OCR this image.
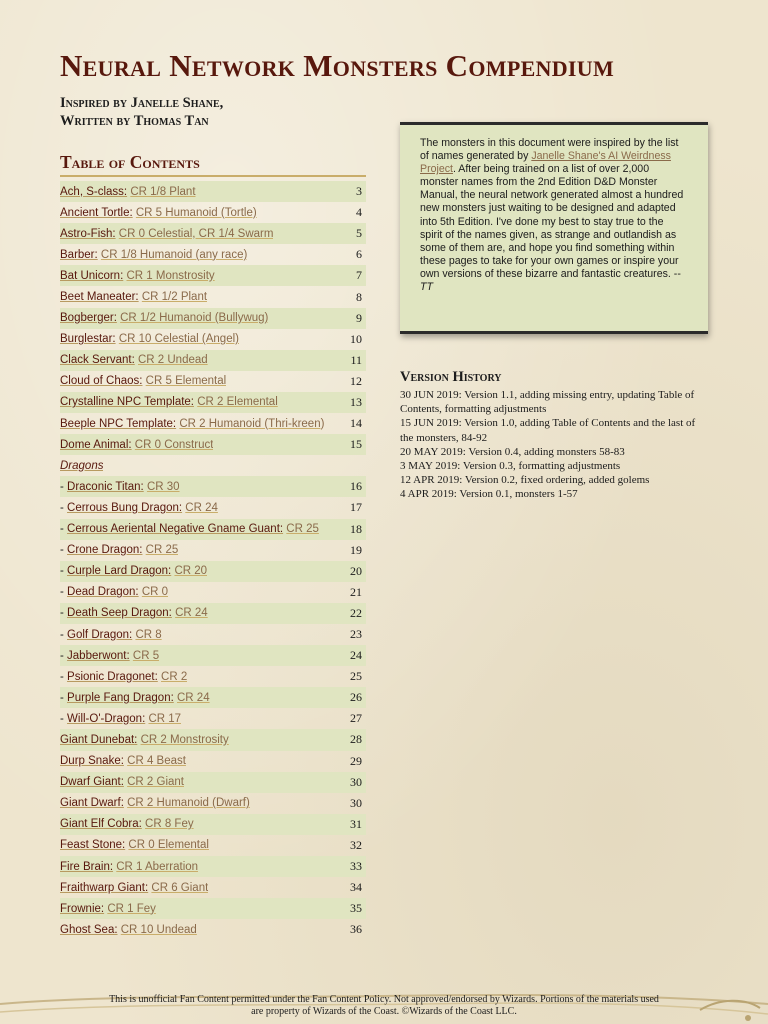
Neural Network Monsters Compendium
Inspired by Janelle Shane,
Written by Thomas Tan
Table of Contents
Ach, S-class: CR 1/8 Plant	3
Ancient Tortle: CR 5 Humanoid (Tortle)	4
Astro-Fish: CR 0 Celestial, CR 1/4 Swarm	5
Barber: CR 1/8 Humanoid (any race)	6
Bat Unicorn: CR 1 Monstrosity	7
Beet Maneater: CR 1/2 Plant	8
Bogberger: CR 1/2 Humanoid (Bullywug)	9
Burglestar: CR 10 Celestial (Angel)	10
Clack Servant: CR 2 Undead	11
Cloud of Chaos: CR 5 Elemental	12
Crystalline NPC Template: CR 2 Elemental	13
Beeple NPC Template: CR 2 Humanoid (Thri-kreen) 14
Dome Animal: CR 0 Construct	15
Dragons
- Draconic Titan: CR 30	16
- Cerrous Bung Dragon: CR 24	17
- Cerrous Aeriental Negative Gname Guant: CR 25	18
- Crone Dragon: CR 25	19
- Curple Lard Dragon: CR 20	20
- Dead Dragon: CR 0	21
- Death Seep Dragon: CR 24	22
- Golf Dragon: CR 8	23
- Jabberwont: CR 5	24
- Psionic Dragonet: CR 2	25
- Purple Fang Dragon: CR 24	26
- Will-O'-Dragon: CR 17	27
Giant Dunebat: CR 2 Monstrosity	28
Durp Snake: CR 4 Beast	29
Dwarf Giant: CR 2 Giant	30
Giant Dwarf: CR 2 Humanoid (Dwarf)	30
Giant Elf Cobra: CR 8 Fey	31
Feast Stone: CR 0 Elemental	32
Fire Brain: CR 1 Aberration	33
Fraithwarp Giant: CR 6 Giant	34
Frownie: CR 1 Fey	35
Ghost Sea: CR 10 Undead	36

The monsters in this document were inspired by the list of names generated by Janelle Shane's AI Weirdness Project. After being trained on a list of over 2,000 monster names from the 2nd Edition D&D Monster Manual, the neural network generated almost a hundred new monsters just waiting to be designed and adapted into 5th Edition. I've done my best to stay true to the spirit of the names given, as strange and outlandish as some of them are, and hope you find something within these pages to take for your own games or inspire your own versions of these bizarre and fantastic creatures. -- TT

Version History
30 JUN 2019: Version 1.1, adding missing entry, updating Table of Contents, formatting adjustments
15 JUN 2019: Version 1.0, adding Table of Contents and the last of the monsters, 84-92
20 MAY 2019: Version 0.4, adding monsters 58-83
3 MAY 2019: Version 0.3, formatting adjustments
12 APR 2019: Version 0.2, fixed ordering, added golems
4 APR 2019: Version 0.1, monsters 1-57
This is unofficial Fan Content permitted under the Fan Content Policy. Not approved/endorsed by Wizards. Portions of the materials used
are property of Wizards of the Coast. ©Wizards of the Coast LLC.
